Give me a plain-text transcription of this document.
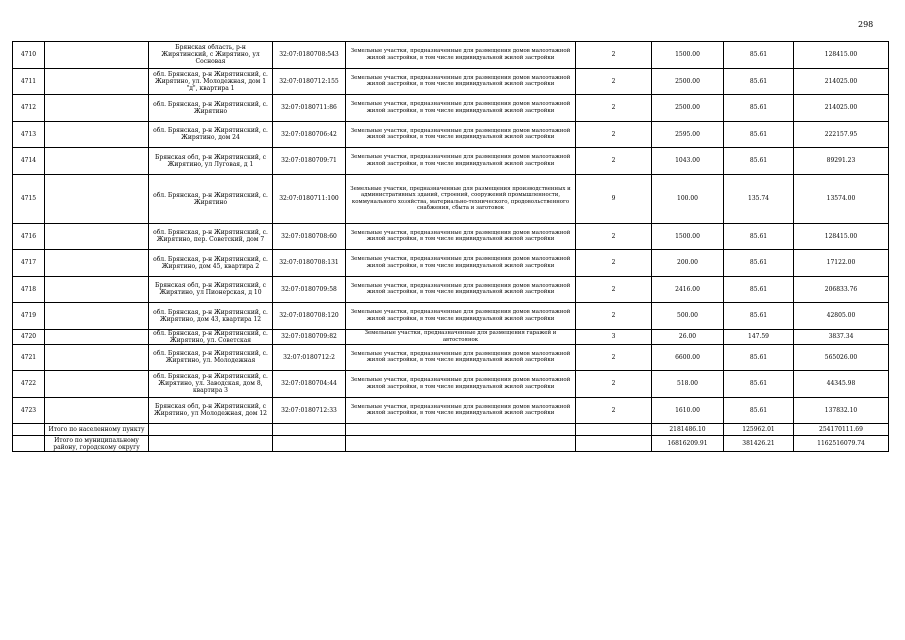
298
4710		Брянская область, р-н Жирятинский, с Жирятино, ул Сосновая	32:07:0180708:543	Земельные участки, предназначенные для размещения домов малоэтажной жилой застройки, в том числе индивидуальной жилой застройки	2	1500.00	85.61	128415.00
4711		обл. Брянская, р-н Жирятинский, с. Жирятино, ул. Молодежная, дом 1 "д", квартира 1	32:07:0180712:155	Земельные участки, предназначенные для размещения домов малоэтажной жилой застройки, в том числе индивидуальной жилой застройки	2	2500.00	85.61	214025.00
4712		обл. Брянская, р-н Жирятинский, с. Жирятино	32:07:0180711:86	Земельные участки, предназначенные для размещения домов малоэтажной жилой застройки, в том числе индивидуальной жилой застройки	2	2500.00	85.61	214025.00
4713		обл. Брянская, р-н Жирятинский, с. Жирятино, дом 24	32:07:0180706:42	Земельные участки, предназначенные для размещения домов малоэтажной жилой застройки, в том числе индивидуальной жилой застройки	2	2595.00	85.61	222157.95
4714		Брянская обл, р-н Жирятинский, с Жирятино, ул Луговая, д 1	32:07:0180709:71	Земельные участки, предназначенные для размещения домов малоэтажной жилой застройки, в том числе индивидуальной жилой застройки	2	1043.00	85.61	89291.23
4715		обл. Брянская, р-н Жирятинский, с. Жирятино	32:07:0180711:100	Земельные участки, предназначенные для размещения производственных и административных зданий, строений, сооружений промышленности, коммунального хозяйства, материально-технического, продовольственного снабжения, сбыта и заготовок	9	100.00	135.74	13574.00
4716		обл. Брянская, р-н Жирятинский, с. Жирятино, пер. Советский, дом 7	32:07:0180708:60	Земельные участки, предназначенные для размещения домов малоэтажной жилой застройки, в том числе индивидуальной жилой застройки	2	1500.00	85.61	128415.00
4717		обл. Брянская, р-н Жирятинский, с. Жирятино, дом 45, квартира 2	32:07:0180708:131	Земельные участки, предназначенные для размещения домов малоэтажной жилой застройки, в том числе индивидуальной жилой застройки	2	200.00	85.61	17122.00
4718		Брянская обл, р-н Жирятинский, с Жирятино, ул Пионерская, д 10	32:07:0180709:58	Земельные участки, предназначенные для размещения домов малоэтажной жилой застройки, в том числе индивидуальной жилой застройки	2	2416.00	85.61	206833.76
4719		обл. Брянская, р-н Жирятинский, с. Жирятино, дом 43, квартира 12	32:07:0180708:120	Земельные участки, предназначенные для размещения домов малоэтажной жилой застройки, в том числе индивидуальной жилой застройки	2	500.00	85.61	42805.00
4720		обл. Брянская, р-н Жирятинский, с. Жирятино, ул. Советская	32:07:0180709:82	Земельные участки, предназначенные для размещения гаражей и автостоянок	3	26.00	147.59	3837.34
4721		обл. Брянская, р-н Жирятинский, с. Жирятино, ул. Молодежная	32:07:0180712:2	Земельные участки, предназначенные для размещения домов малоэтажной жилой застройки, в том числе индивидуальной жилой застройки	2	6600.00	85.61	565026.00
4722		обл. Брянская, р-н Жирятинский, с. Жирятино, ул. Заводская, дом 8, квартира 3	32:07:0180704:44	Земельные участки, предназначенные для размещения домов малоэтажной жилой застройки, в том числе индивидуальной жилой застройки	2	518.00	85.61	44345.98
4723		Брянская обл, р-н Жирятинский, с Жирятино, ул Молодежная, дом 12	32:07:0180712:33	Земельные участки, предназначенные для размещения домов малоэтажной жилой застройки, в том числе индивидуальной жилой застройки	2	1610.00	85.61	137832.10
	Итого по населенному пункту					2181486.10	125962.01	254170111.69
	Итого по муниципальному району, городскому округу					16816209.91	381426.21	1162516079.74
